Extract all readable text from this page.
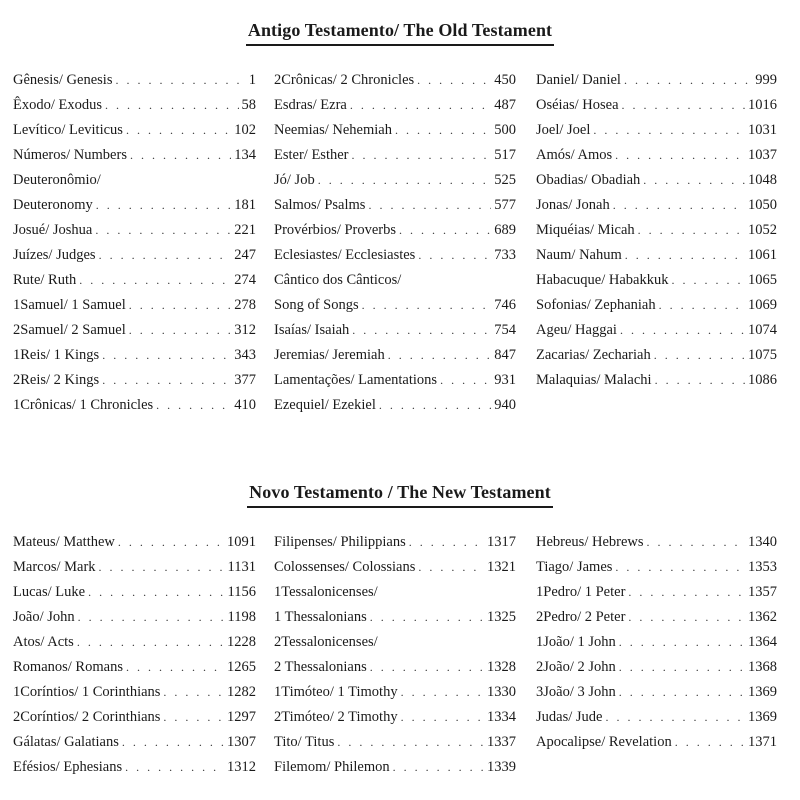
Antigo Testamento/ The Old Testament
Gênesis/ Genesis . . .	1
Êxodo/ Exodus . . .	58
Levítico/ Leviticus . . .	102
Números/ Numbers . . .	134
Deuteronômio/
Deuteronomy . . .	181
Josué/ Joshua . . .	221
Juízes/ Judges . . .	247
Rute/ Ruth . . .	274
1Samuel/ 1 Samuel . . .	278
2Samuel/ 2 Samuel . . .	312
1Reis/ 1 Kings . . .	343
2Reis/ 2 Kings . . .	377
1Crônicas/ 1 Chronicles . . .	410
2Crônicas/ 2 Chronicles . . .	450
Esdras/ Ezra . . .	487
Neemias/ Nehemiah . . .	500
Ester/ Esther . . .	517
Jó/ Job . . .	525
Salmos/ Psalms . . .	577
Provérbios/ Proverbs . . .	689
Eclesiastes/ Ecclesiastes . . .	733
Cântico dos Cânticos/
Song of Songs . . .	746
Isaías/ Isaiah . . .	754
Jeremias/ Jeremiah . . .	847
Lamentações/ Lamentations . . .	931
Ezequiel/ Ezekiel . . .	940
Daniel/ Daniel . . .	999
Oséias/ Hosea . . .	1016
Joel/ Joel . . .	1031
Amós/ Amos . . .	1037
Obadias/ Obadiah . . .	1048
Jonas/ Jonah . . .	1050
Miquéias/ Micah . . .	1052
Naum/ Nahum . . .	1061
Habacuque/ Habakkuk . . .	1065
Sofonias/ Zephaniah . . .	1069
Ageu/ Haggai . . .	1074
Zacarias/ Zechariah . . .	1075
Malaquias/ Malachi . . .	1086
Novo Testamento / The New Testament
Mateus/ Matthew . . .	1091
Marcos/ Mark . . .	1131
Lucas/ Luke . . .	1156
João/ John . . .	1198
Atos/ Acts . . .	1228
Romanos/ Romans . . .	1265
1Coríntios/ 1 Corinthians . . .	1282
2Coríntios/ 2 Corinthians . . .	1297
Gálatas/ Galatians . . .	1307
Efésios/ Ephesians . . .	1312
Filipenses/ Philippians . . .	1317
Colossenses/ Colossians . . .	1321
1Tessalonicenses/
1 Thessalonians . . .	1325
2Tessalonicenses/
2 Thessalonians . . .	1328
1Timóteo/ 1 Timothy . . .	1330
2Timóteo/ 2 Timothy . . .	1334
Tito/ Titus . . .	1337
Filemom/ Philemon . . .	1339
Hebreus/ Hebrews . . .	1340
Tiago/ James . . .	1353
1Pedro/ 1 Peter . . .	1357
2Pedro/ 2 Peter . . .	1362
1João/ 1 John . . .	1364
2João/ 2 John . . .	1368
3João/ 3 John . . .	1369
Judas/ Jude . . .	1369
Apocalipse/ Revelation . . .	1371
